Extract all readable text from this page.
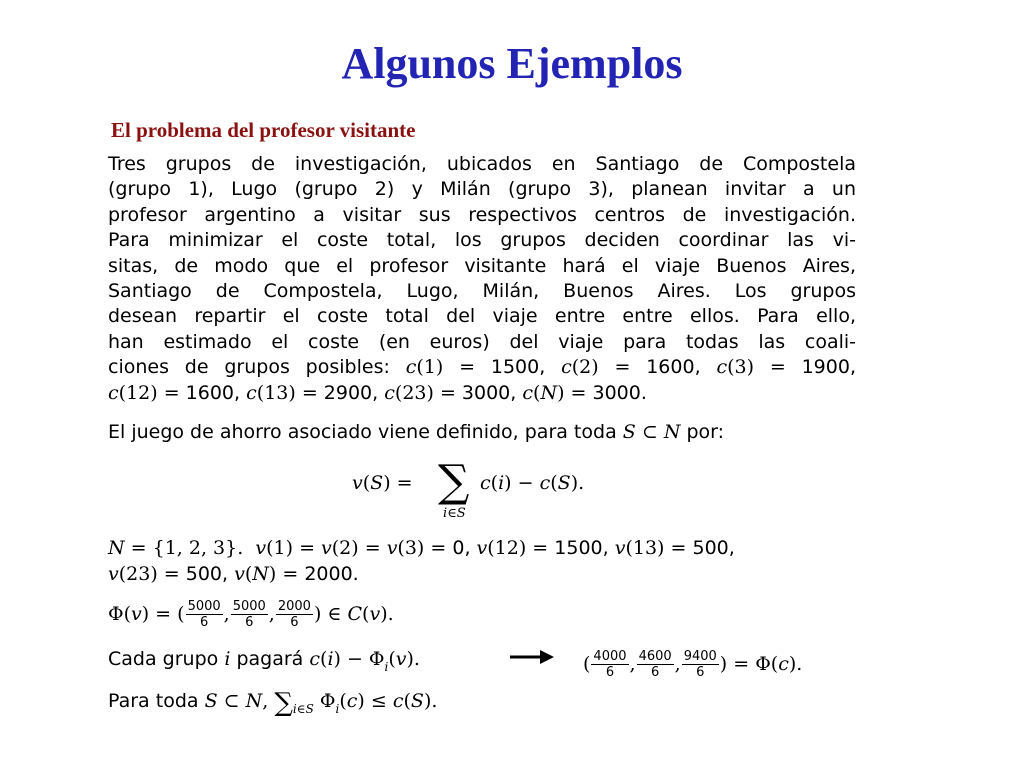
Algunos Ejemplos
El problema del profesor visitante
Tres grupos de investigación, ubicados en Santiago de Compostela
(grupo 1), Lugo (grupo 2) y Milán (grupo 3), planean invitar a un
profesor argentino a visitar sus respectivos centros de investigación.
Para minimizar el coste total, los grupos deciden coordinar las vi-
sitas, de modo que el profesor visitante hará el viaje Buenos Aires,
Santiago de Compostela, Lugo, Milán, Buenos Aires. Los grupos
desean repartir el coste total del viaje entre entre ellos. Para ello,
han estimado el coste (en euros) del viaje para todas las coali-
ciones de grupos posibles: c(1) = 1500, c(2) = 1600, c(3) = 1900,
c(12) = 1600, c(13) = 2900, c(23) = 3000, c(N) = 3000.
El juego de ahorro asociado viene definido, para toda S ⊂ N por:
v(S) = ∑
i∈S
c(i) − c(S).
N = {1, 2, 3}. v(1) = v(2) = v(3) = 0, v(12) = 1500, v(13) = 500,
v(23) = 500, v(N) = 2000.
Φ(v) = ( $\frac{5000}{6}$ , $\frac{5000}{6}$ , $\frac{2000}{6}$ ) ∈ C(v).
Cada grupo i pagará $c(i) - \Phi_i(v)$.	( $\frac{4000}{6}$ , $\frac{4600}{6}$ , $\frac{9400}{6}$ ) = Φ(c).
Para toda S ⊂ N, $\sum_{i\in S}$ $\Phi_i(c) \le c(S)$.
